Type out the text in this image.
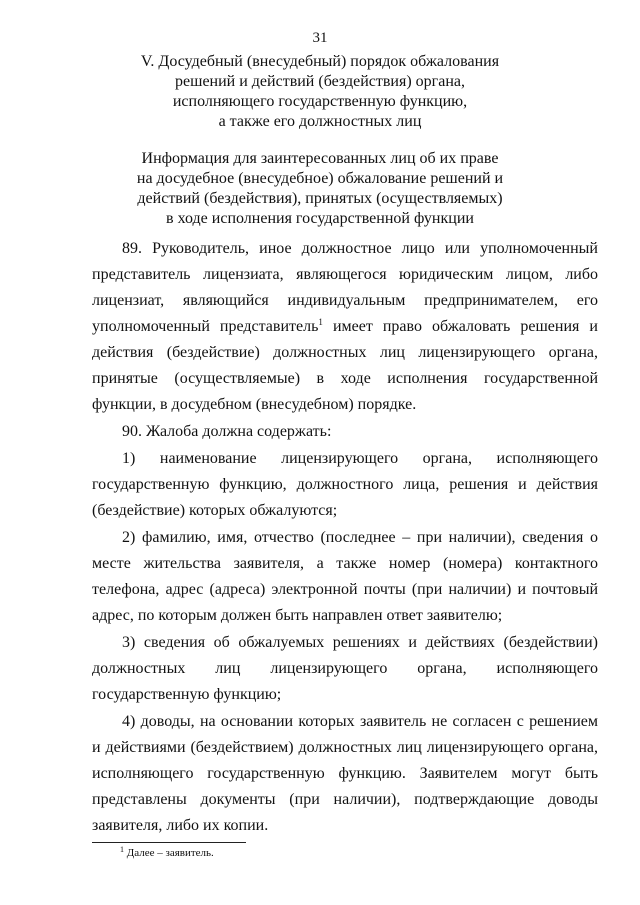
31
V. Досудебный (внесудебный) порядок обжалования
решений и действий (бездействия) органа,
исполняющего государственную функцию,
а также его должностных лиц
Информация для заинтересованных лиц об их праве
на досудебное (внесудебное) обжалование решений и
действий (бездействия), принятых (осуществляемых)
в ходе исполнения государственной функции

89. Руководитель, иное должностное лицо или уполномоченный представитель лицензиата, являющегося юридическим лицом, либо лицензиат, являющийся индивидуальным предпринимателем, его уполномоченный представитель$^1$ имеет право обжаловать решения и действия (бездействие) должностных лиц лицензирующего органа, принятые (осуществляемые) в ходе исполнения государственной функции, в досудебном (внесудебном) порядке.

90. Жалоба должна содержать:

1) наименование лицензирующего органа, исполняющего государственную функцию, должностного лица, решения и действия (бездействие) которых обжалуются;

2) фамилию, имя, отчество (последнее – при наличии), сведения о месте жительства заявителя, а также номер (номера) контактного телефона, адрес (адреса) электронной почты (при наличии) и почтовый адрес, по которым должен быть направлен ответ заявителю;

3) сведения об обжалуемых решениях и действиях (бездействии) должностных лиц лицензирующего органа, исполняющего государственную функцию;

4) доводы, на основании которых заявитель не согласен с решением и действиями (бездействием) должностных лиц лицензирующего органа, исполняющего государственную функцию. Заявителем могут быть представлены документы (при наличии), подтверждающие доводы заявителя, либо их копии.

$^1$ Далее – заявитель.
